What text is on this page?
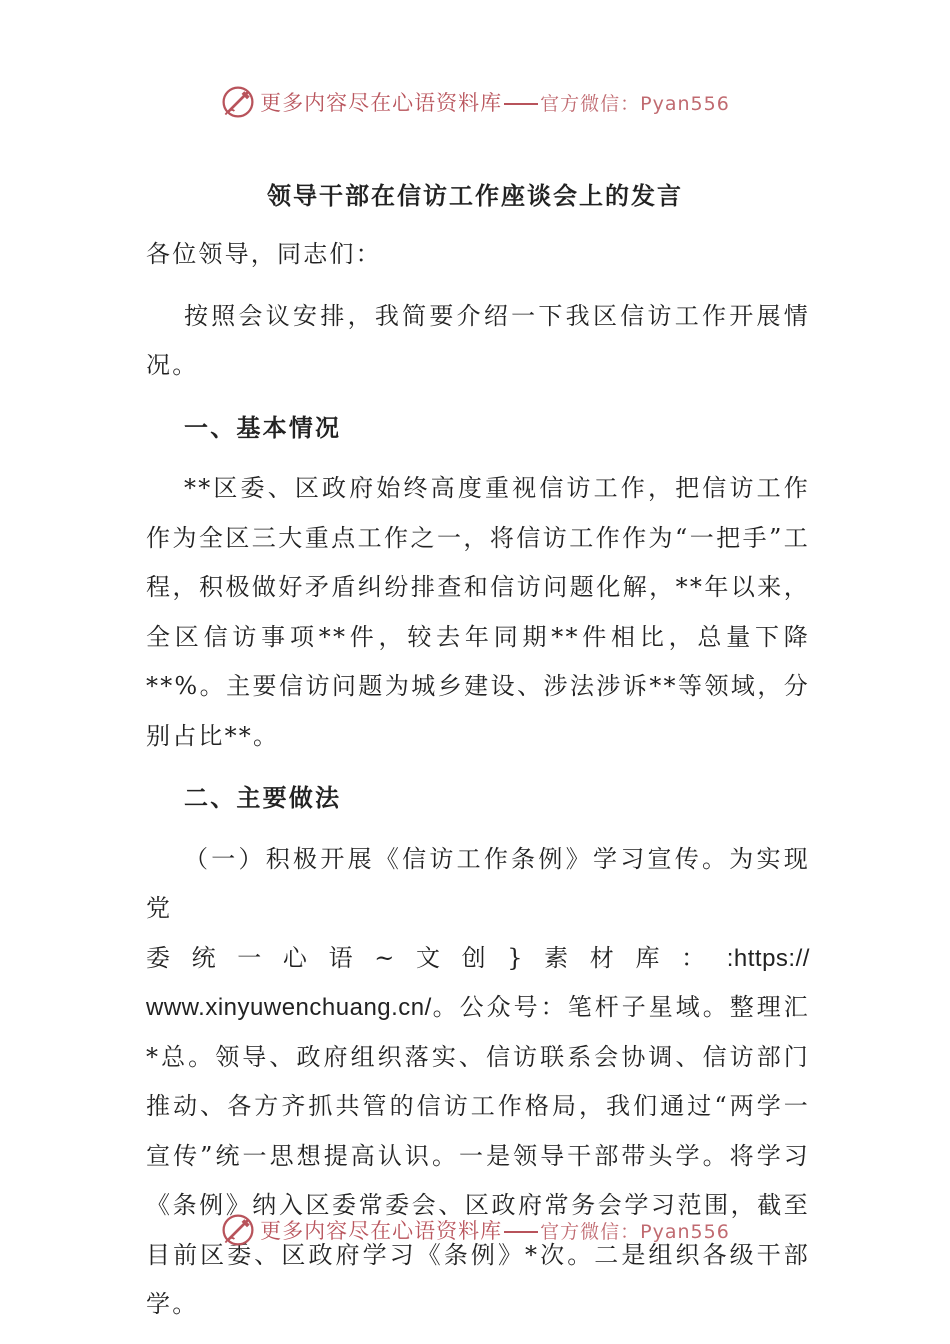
更多内容尽在心语资料库 官方微信：Pyan556
领导干部在信访工作座谈会上的发言

各位领导，同志们：

按照会议安排，我简要介绍一下我区信访工作开展情况。

一、基本情况

**区委、区政府始终高度重视信访工作，把信访工作作为全区三大重点工作之一，将信访工作作为“一把手”工程，积极做好矛盾纠纷排查和信访问题化解，**年以来，全区信访事项**件，较去年同期**件相比，总量下降**%。主要信访问题为城乡建设、涉法涉诉**等领域，分别占比**。

二、主要做法

（一）积极开展《信访工作条例》学习宣传。为实现党

委 统 一 心 语 ~ 文 创 } 素 材 库 ： :https://

www.xinyuwenchuang.cn/。公众号：笔杆子星域。整理汇*总。领导、政府组织落实、信访联系会协调、信访部门推动、各方齐抓共管的信访工作格局，我们通过“两学一宣传”统一思想提高认识。一是领导干部带头学。将学习《条例》纳入区委常委会、区政府常务会学习范围，截至目前区委、区政府学习《条例》*次。二是组织各级干部学。

更多内容尽在心语资料库 官方微信：Pyan556
